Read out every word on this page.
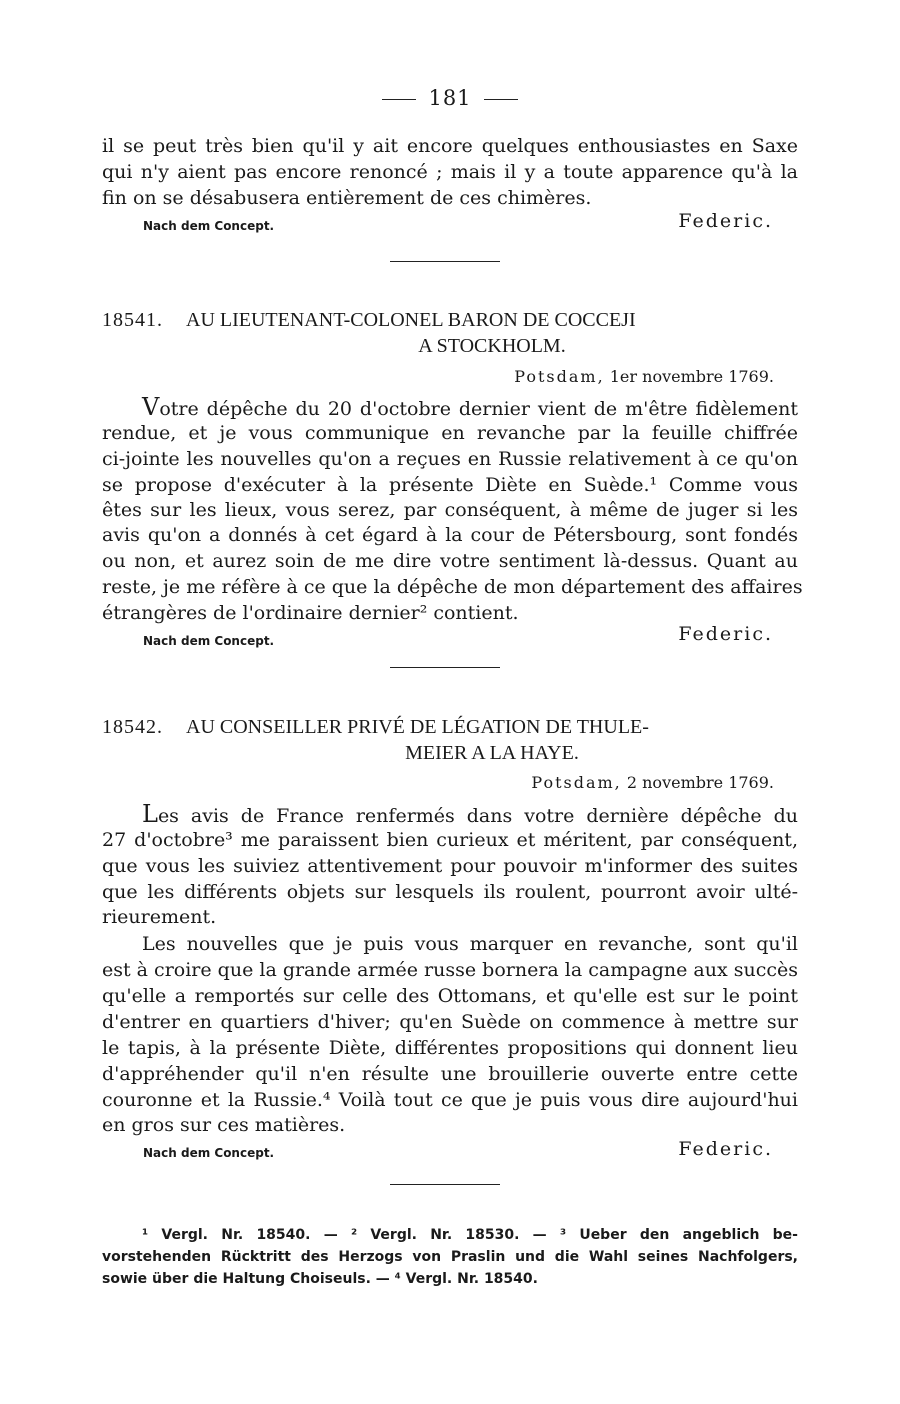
181
il se peut très bien qu'il y ait encore quelques enthousiastes en Saxe
qui n'y aient pas encore renoncé ; mais il y a toute apparence qu'à la
fin on se désabusera entièrement de ces chimères.
Nach dem Concept.	Federic.
18541. AU LIEUTENANT-COLONEL BARON DE COCCEJI
A STOCKHOLM.
Potsdam, 1er novembre 1769.
Votre dépêche du 20 d'octobre dernier vient de m'être fidèlement
rendue, et je vous communique en revanche par la feuille chiffrée
ci-jointe les nouvelles qu'on a reçues en Russie relativement à ce qu'on
se propose d'exécuter à la présente Diète en Suède.¹ Comme vous
êtes sur les lieux, vous serez, par conséquent, à même de juger si les
avis qu'on a donnés à cet égard à la cour de Pétersbourg, sont fondés
ou non, et aurez soin de me dire votre sentiment là-dessus. Quant au
reste, je me réfère à ce que la dépêche de mon département des affaires
étrangères de l'ordinaire dernier² contient.
Nach dem Concept.	Federic.
18542. AU CONSEILLER PRIVÉ DE LÉGATION DE THULE-
MEIER A LA HAYE.
Potsdam, 2 novembre 1769.
Les avis de France renfermés dans votre dernière dépêche du
27 d'octobre³ me paraissent bien curieux et méritent, par conséquent,
que vous les suiviez attentivement pour pouvoir m'informer des suites
que les différents objets sur lesquels ils roulent, pourront avoir ulté-
rieurement.
Les nouvelles que je puis vous marquer en revanche, sont qu'il
est à croire que la grande armée russe bornera la campagne aux succès
qu'elle a remportés sur celle des Ottomans, et qu'elle est sur le point
d'entrer en quartiers d'hiver; qu'en Suède on commence à mettre sur
le tapis, à la présente Diète, différentes propositions qui donnent lieu
d'appréhender qu'il n'en résulte une brouillerie ouverte entre cette
couronne et la Russie.⁴ Voilà tout ce que je puis vous dire aujourd'hui
en gros sur ces matières.
Nach dem Concept.	Federic.
¹ Vergl. Nr. 18540. — ² Vergl. Nr. 18530. — ³ Ueber den angeblich be-
vorstehenden Rücktritt des Herzogs von Praslin und die Wahl seines Nachfolgers,
sowie über die Haltung Choiseuls. — ⁴ Vergl. Nr. 18540.
